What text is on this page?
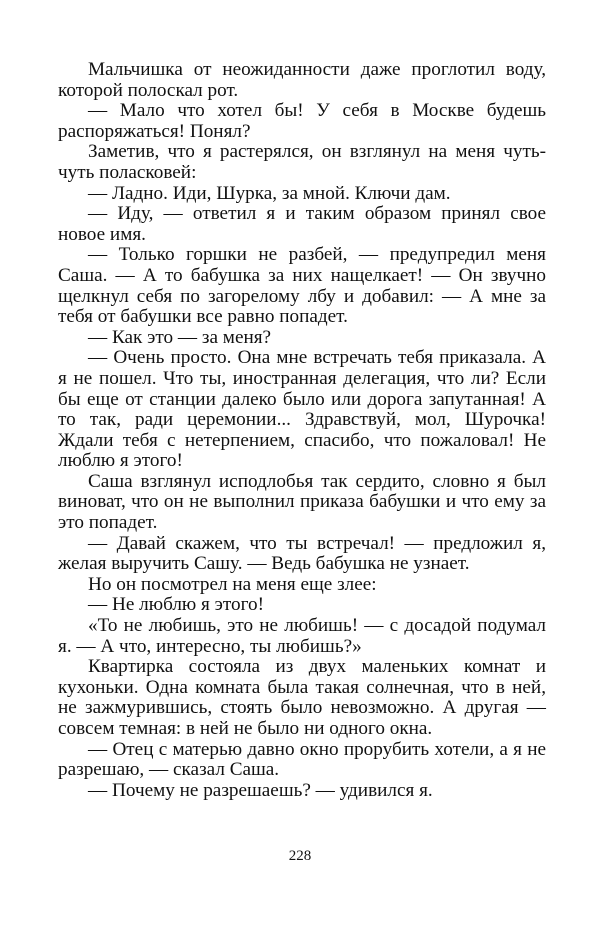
Мальчишка от неожиданности даже проглотил воду, которой полоскал рот.

— Мало что хотел бы! У себя в Москве будешь распоряжаться! Понял?

Заметив, что я растерялся, он взглянул на меня чуть-чуть поласковей:

— Ладно. Иди, Шурка, за мной. Ключи дам.

— Иду, — ответил я и таким образом принял свое новое имя.

— Только горшки не разбей, — предупредил меня Саша. — А то бабушка за них нащелкает! — Он звучно щелкнул себя по загорелому лбу и добавил: — А мне за тебя от бабушки все равно попадет.

— Как это — за меня?

— Очень просто. Она мне встречать тебя приказала. А я не пошел. Что ты, иностранная делегация, что ли? Если бы еще от станции далеко было или дорога запутанная! А то так, ради церемонии... Здравствуй, мол, Шурочка! Ждали тебя с нетерпением, спасибо, что пожаловал! Не люблю я этого!

Саша взглянул исподлобья так сердито, словно я был виноват, что он не выполнил приказа бабушки и что ему за это попадет.

— Давай скажем, что ты встречал! — предложил я, желая выручить Сашу. — Ведь бабушка не узнает.

Но он посмотрел на меня еще злее:

— Не люблю я этого!

«То не любишь, это не любишь! — с досадой подумал я. — А что, интересно, ты любишь?»

Квартирка состояла из двух маленьких комнат и кухоньки. Одна комната была такая солнечная, что в ней, не зажмурившись, стоять было невозможно. А другая — совсем темная: в ней не было ни одного окна.

— Отец с матерью давно окно прорубить хотели, а я не разрешаю, — сказал Саша.

— Почему не разрешаешь? — удивился я.

228
